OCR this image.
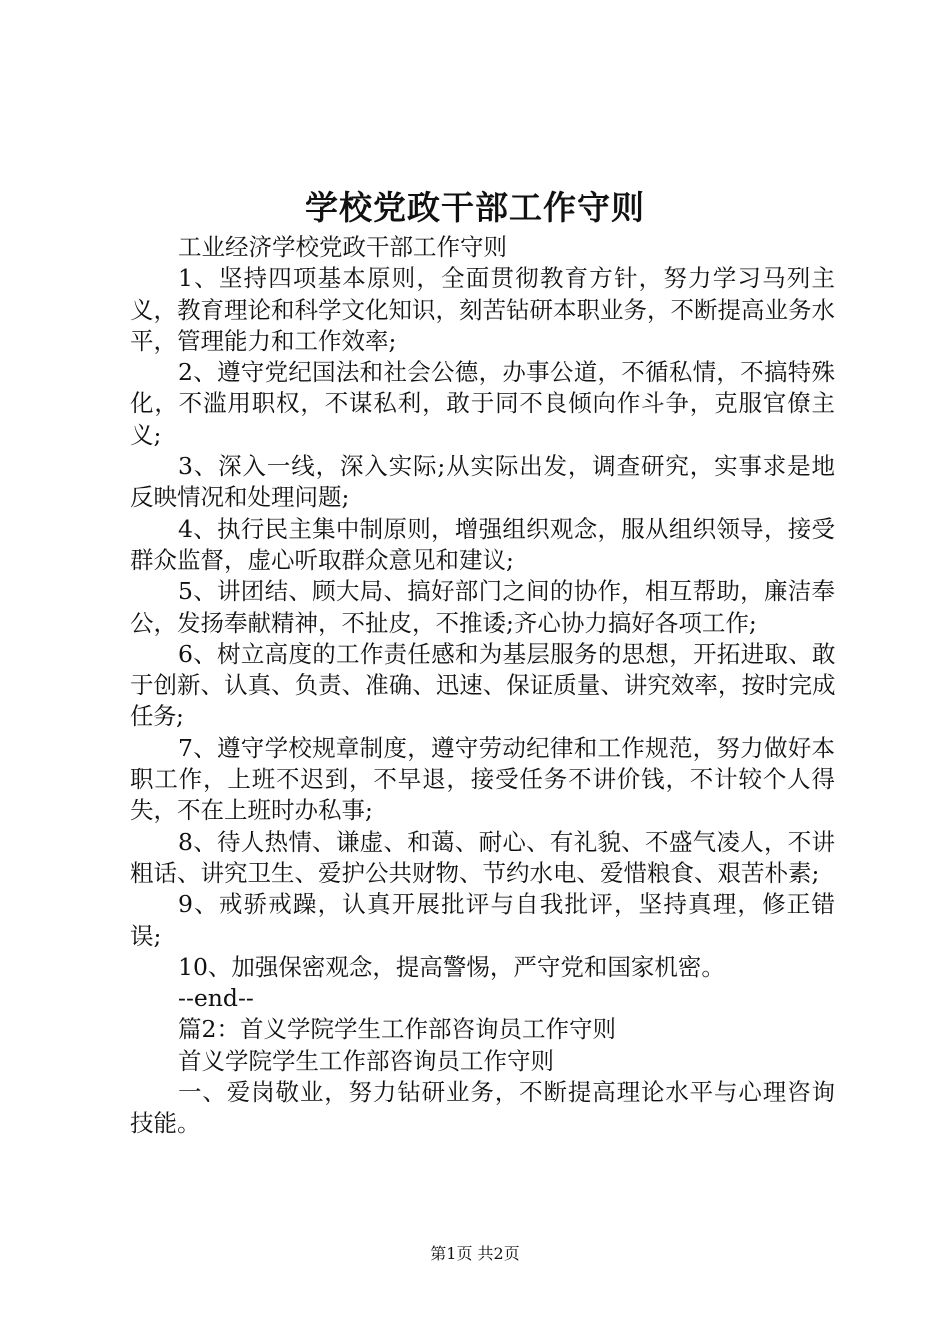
学校党政干部工作守则

工业经济学校党政干部工作守则

1、坚持四项基本原则，全面贯彻教育方针，努力学习马列主义，教育理论和科学文化知识，刻苦钻研本职业务，不断提高业务水平，管理能力和工作效率;

2、遵守党纪国法和社会公德，办事公道，不循私情，不搞特殊化，不滥用职权，不谋私利，敢于同不良倾向作斗争，克服官僚主义;

3、深入一线，深入实际;从实际出发，调查研究，实事求是地反映情况和处理问题;

4、执行民主集中制原则，增强组织观念，服从组织领导，接受群众监督，虚心听取群众意见和建议;

5、讲团结、顾大局、搞好部门之间的协作，相互帮助，廉洁奉公，发扬奉献精神，不扯皮，不推诿;齐心协力搞好各项工作;

6、树立高度的工作责任感和为基层服务的思想，开拓进取、敢于创新、认真、负责、准确、迅速、保证质量、讲究效率，按时完成任务;

7、遵守学校规章制度，遵守劳动纪律和工作规范，努力做好本职工作，上班不迟到，不早退，接受任务不讲价钱，不计较个人得失，不在上班时办私事;

8、待人热情、谦虚、和蔼、耐心、有礼貌、不盛气凌人，不讲粗话、讲究卫生、爱护公共财物、节约水电、爱惜粮食、艰苦朴素;

9、戒骄戒躁，认真开展批评与自我批评，坚持真理，修正错误;

10、加强保密观念，提高警惕，严守党和国家机密。

--end--

篇2：首义学院学生工作部咨询员工作守则

首义学院学生工作部咨询员工作守则

一、爱岗敬业，努力钻研业务，不断提高理论水平与心理咨询技能。

第1页 共2页
